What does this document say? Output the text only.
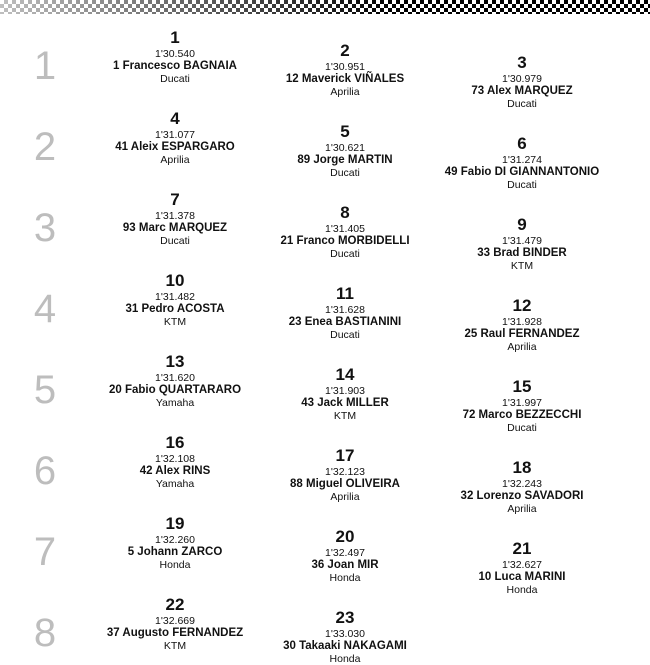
1
2
3
4
5
6
7
8
1
1'30.540
1 Francesco BAGNAIA
Ducati
2
1'30.951
12 Maverick VIÑALES
Aprilia
3
1'30.979
73 Alex MARQUEZ
Ducati
4
1'31.077
41 Aleix ESPARGARO
Aprilia
5
1'30.621
89 Jorge MARTIN
Ducati
6
1'31.274
49 Fabio DI GIANNANTONIO
Ducati
7
1'31.378
93 Marc MARQUEZ
Ducati
8
1'31.405
21 Franco MORBIDELLI
Ducati
9
1'31.479
33 Brad BINDER
KTM
10
1'31.482
31 Pedro ACOSTA
KTM
11
1'31.628
23 Enea BASTIANINI
Ducati
12
1'31.928
25 Raul FERNANDEZ
Aprilia
13
1'31.620
20 Fabio QUARTARARO
Yamaha
14
1'31.903
43 Jack MILLER
KTM
15
1'31.997
72 Marco BEZZECCHI
Ducati
16
1'32.108
42 Alex RINS
Yamaha
17
1'32.123
88 Miguel OLIVEIRA
Aprilia
18
1'32.243
32 Lorenzo SAVADORI
Aprilia
19
1'32.260
5 Johann ZARCO
Honda
20
1'32.497
36 Joan MIR
Honda
21
1'32.627
10 Luca MARINI
Honda
22
1'32.669
37 Augusto FERNANDEZ
KTM
23
1'33.030
30 Takaaki NAKAGAMI
Honda
